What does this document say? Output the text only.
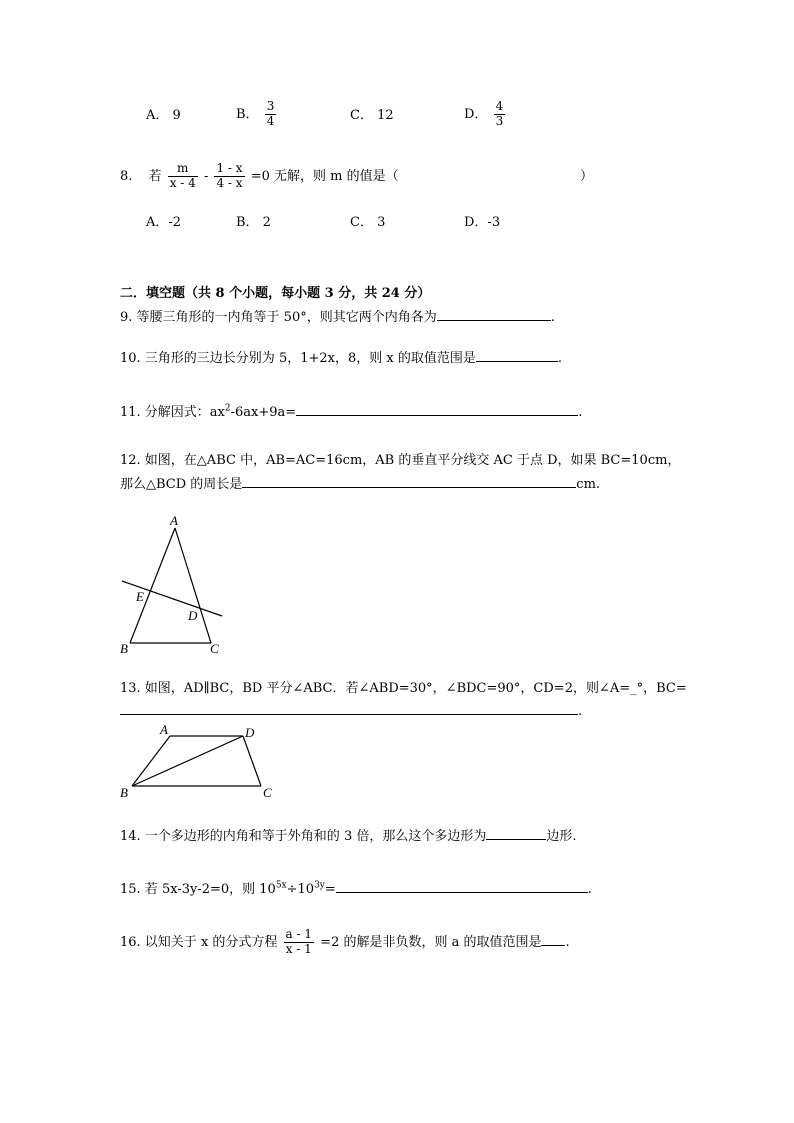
A． 9	B． $\frac{3}{4}$	C． 12	D． $\frac{4}{3}$
8. 若 $\frac{m}{x - 4} - \frac{1 - x}{4 - x} =0$ 无解，则 m 的值是（	）
A．-2	B． 2	C． 3	D．-3
二．填空题（共 8 个小题，每小题 3 分，共 24 分）
9. 等腰三角形的一内角等于 50°，则其它两个内角各为	.
10. 三角形的三边长分别为 5，1+2x，8，则 x 的取值范围是	.
11. 分解因式：$ax^2-6ax+9a=$	.
12. 如图，在△ABC 中，AB=AC=16cm，AB 的垂直平分线交 AC 于点 D，如果 BC=10cm，
那么△BCD 的周长是	cm.
A
E
D
B	C
13. 如图，AD∥BC，BD 平分∠ABC．若∠ABD=30°，∠BDC=90°，CD=2，则∠A=_°，BC=
.
A	D
B	C
14. 一个多边形的内角和等于外角和的 3 倍，那么这个多边形为	边形.
15. 若 5x-3y-2=0，则 $10^{5x}\div 10^{3y}=$	.
16. 以知关于 x 的分式方程 $\frac{a - 1}{x - 1} =2$ 的解是非负数，则 a 的取值范围是 .
